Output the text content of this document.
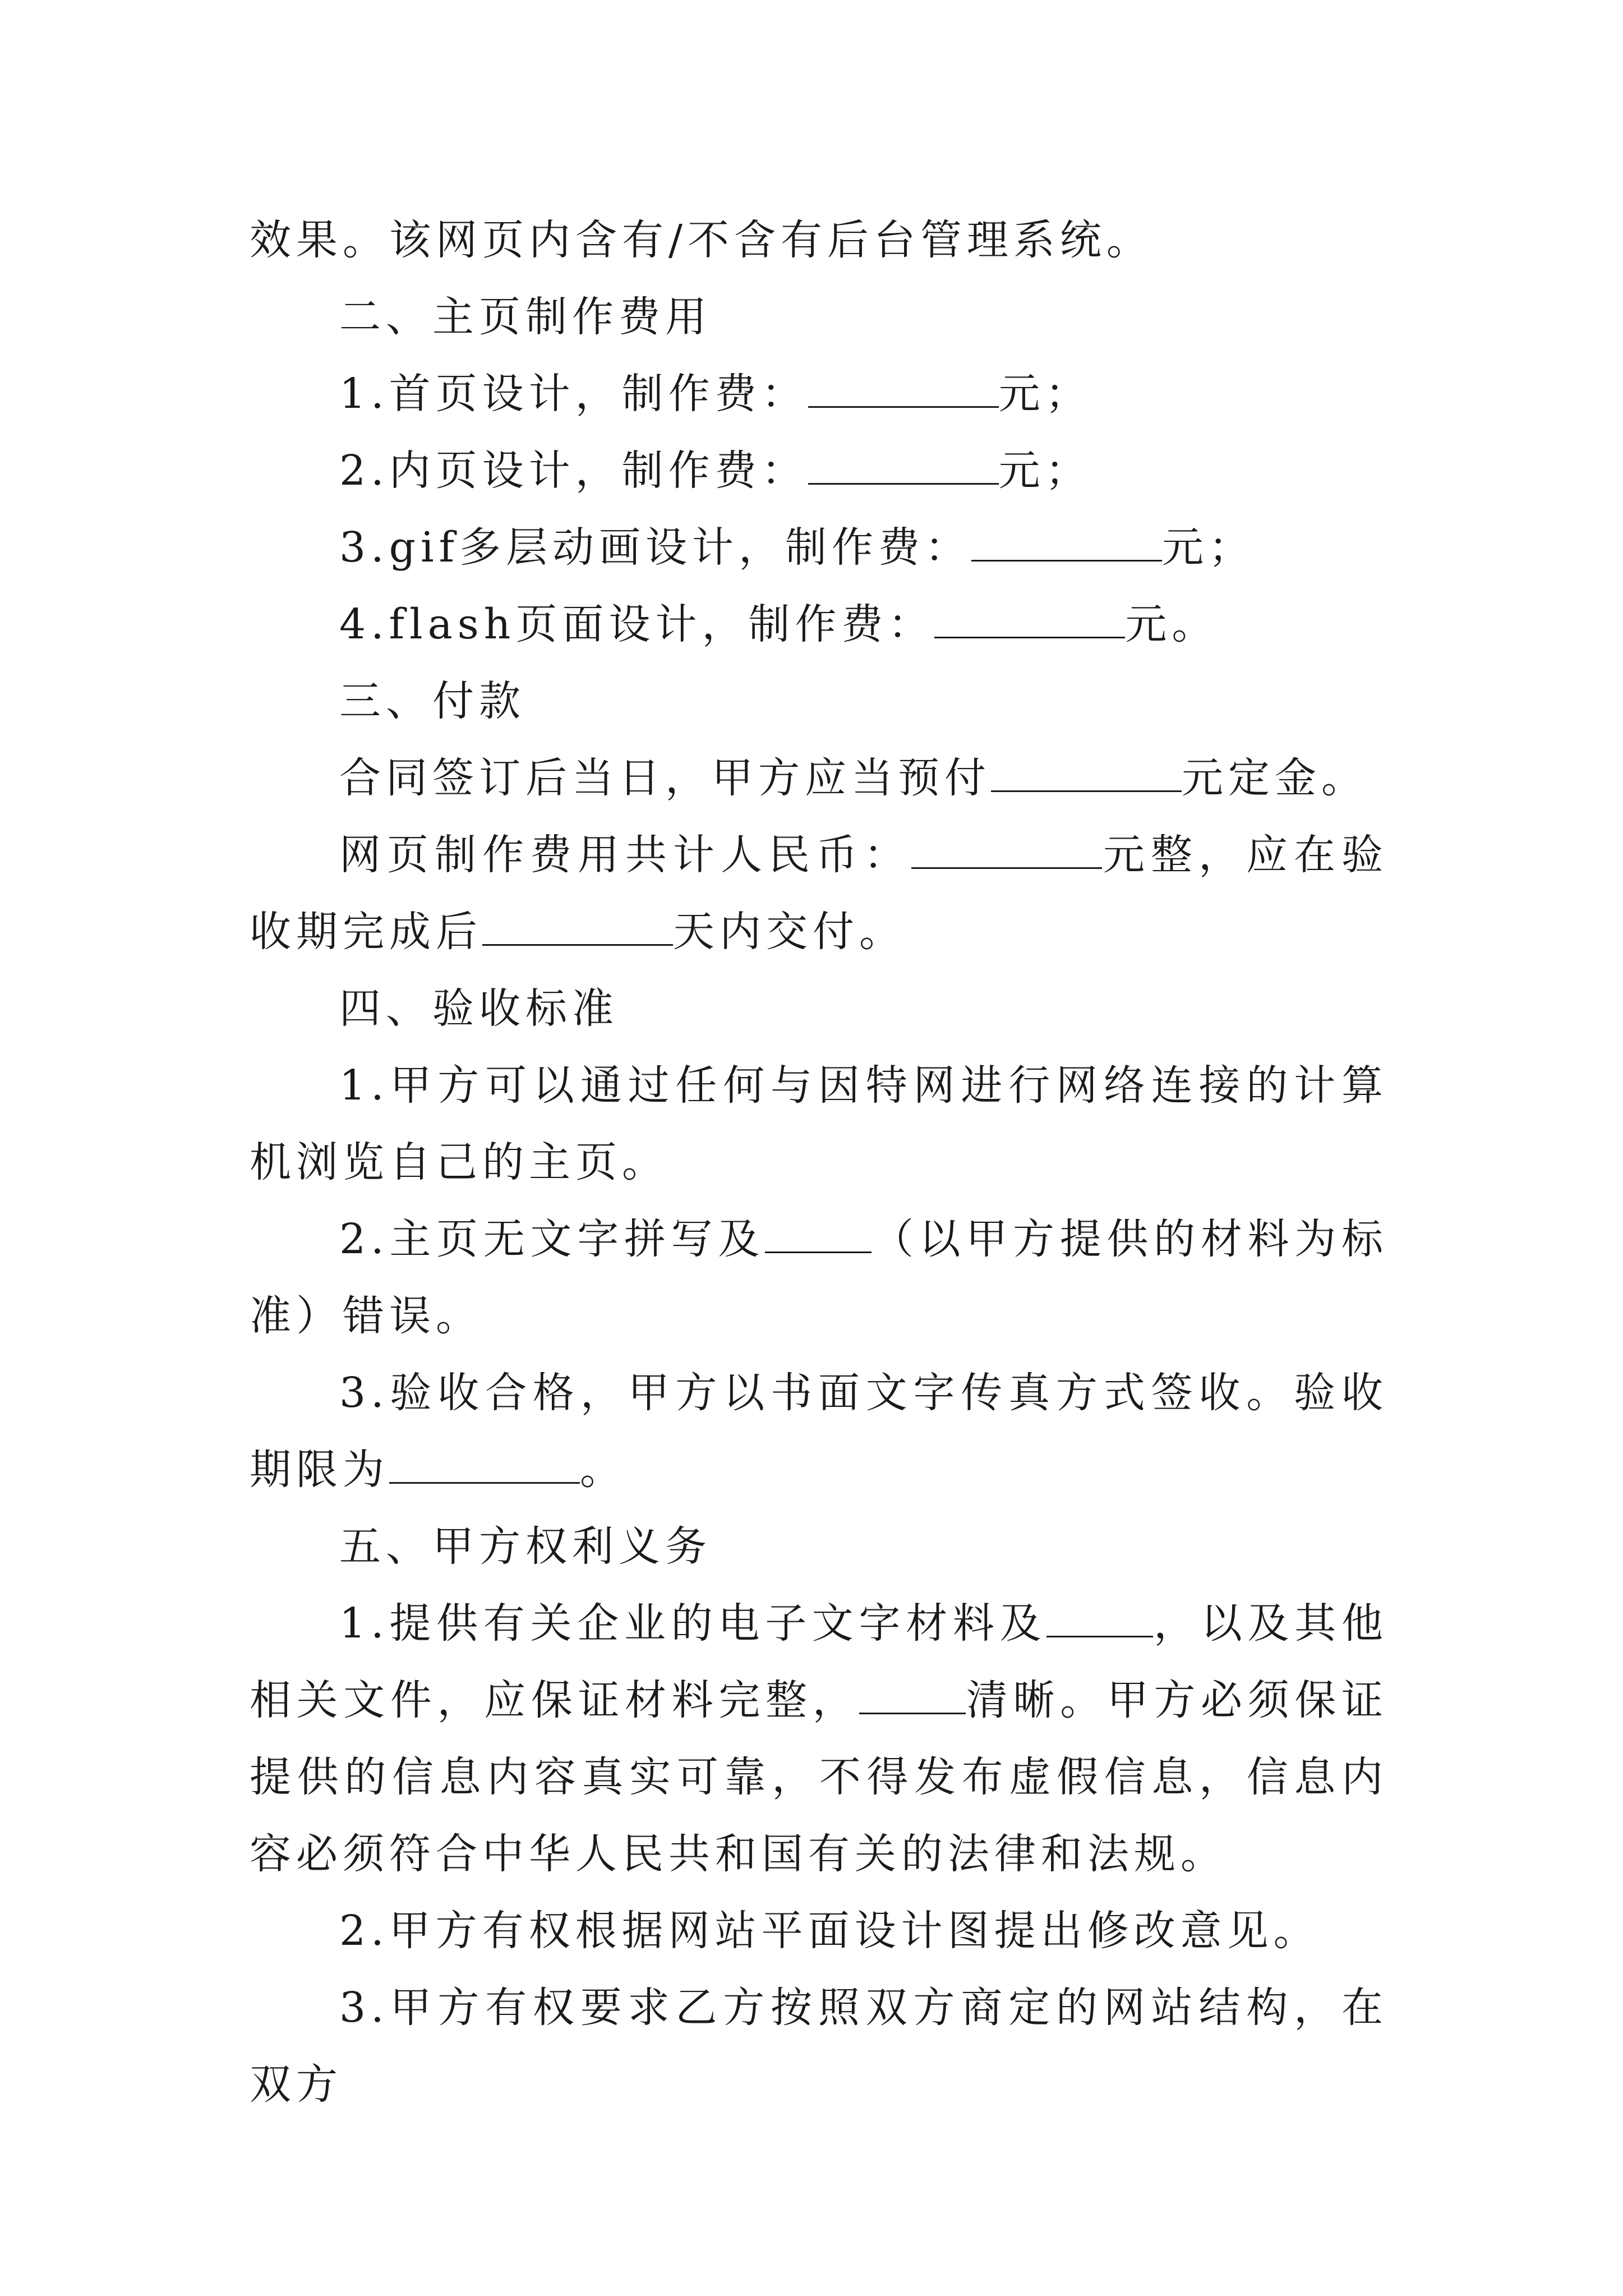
效果。该网页内含有/不含有后台管理系统。

二、主页制作费用

1.首页设计，制作费：	元；

2.内页设计，制作费：	元；

3.gif多层动画设计，制作费：	元；

4.flash页面设计，制作费：	元。

三、付款

合同签订后当日，甲方应当预付	元定金。

网页制作费用共计人民币：	元整，应在验收期完成后	天内交付。

四、验收标准

1.甲方可以通过任何与因特网进行网络连接的计算机浏览自己的主页。

2.主页无文字拼写及	（以甲方提供的材料为标准）错误。

3.验收合格，甲方以书面文字传真方式签收。验收期限为	。

五、甲方权利义务

1.提供有关企业的电子文字材料及	，以及其他相关文件，应保证材料完整，	清晰。甲方必须保证提供的信息内容真实可靠，不得发布虚假信息，信息内容必须符合中华人民共和国有关的法律和法规。

2.甲方有权根据网站平面设计图提出修改意见。

3.甲方有权要求乙方按照双方商定的网站结构，在双方
